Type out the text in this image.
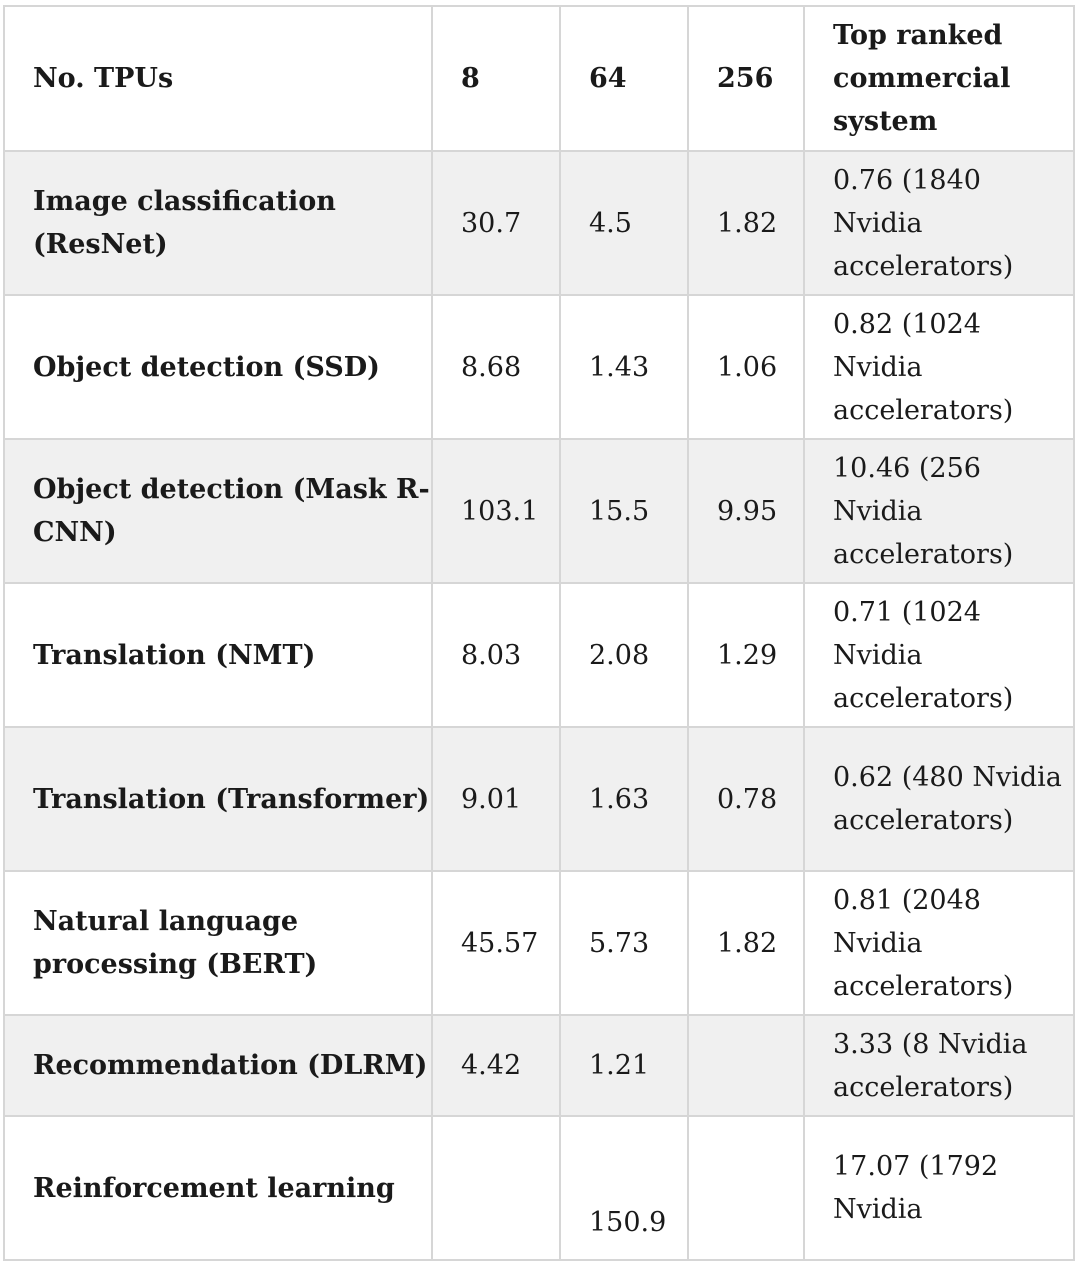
No. TPUs	8	64	256	Top ranked commercial system
Image classification (ResNet)	30.7	4.5	1.82	0.76 (1840 Nvidia accelerators)
Object detection (SSD)	8.68	1.43	1.06	0.82 (1024 Nvidia accelerators)
Object detection (Mask R-CNN)	103.1	15.5	9.95	10.46 (256 Nvidia accelerators)
Translation (NMT)	8.03	2.08	1.29	0.71 (1024 Nvidia accelerators)
Translation (Transformer)	9.01	1.63	0.78	0.62 (480 Nvidia accelerators)
Natural language processing (BERT)	45.57	5.73	1.82	0.81 (2048 Nvidia accelerators)
Recommendation (DLRM)	4.42	1.21		3.33 (8 Nvidia accelerators)
Reinforcement learning		150.9		17.07 (1792 Nvidia
